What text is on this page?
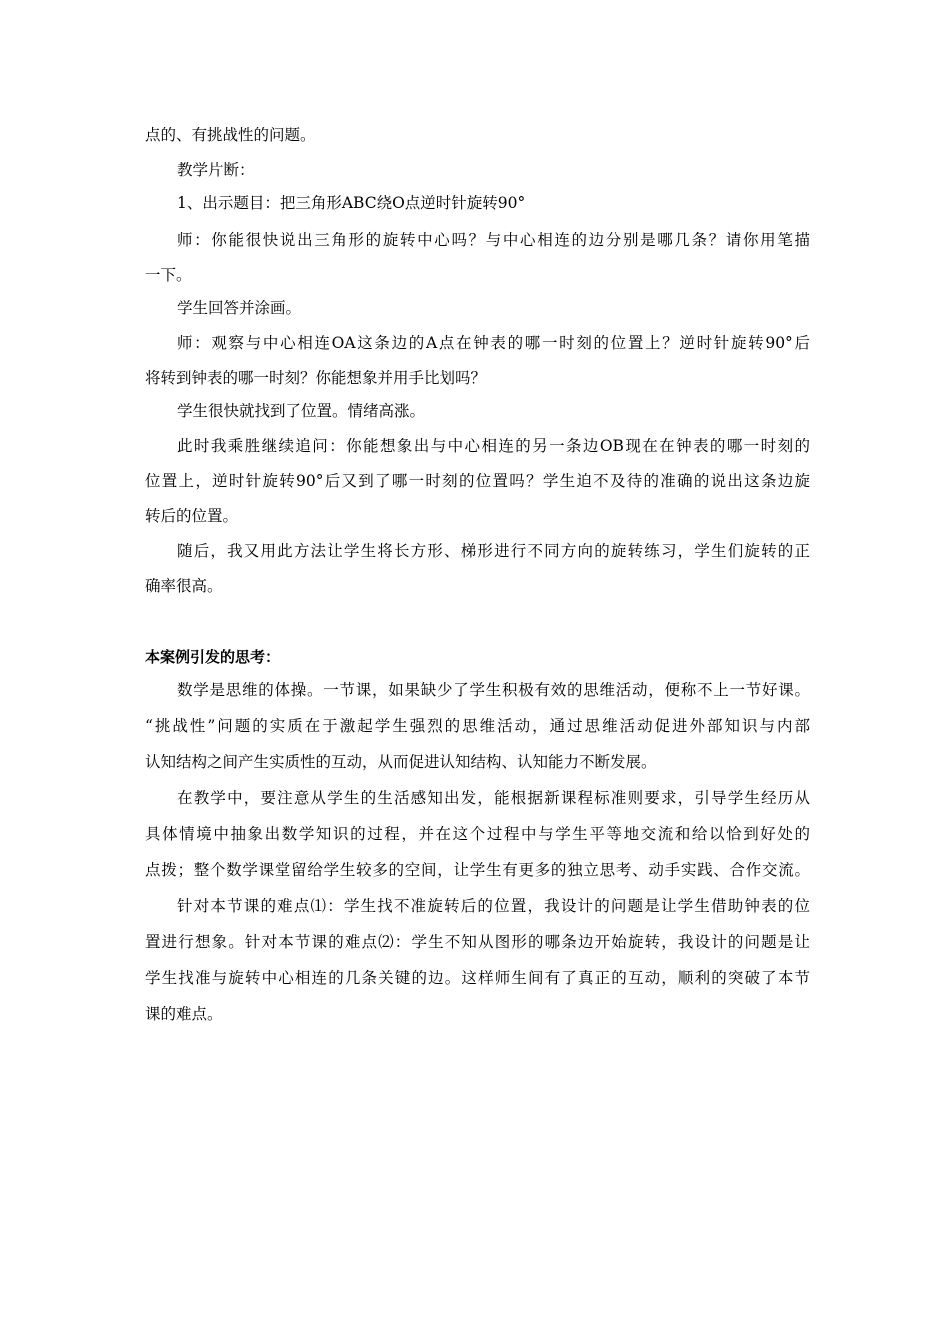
点的、有挑战性的问题。
教学片断：
1、出示题目：把三角形ABC绕O点逆时针旋转90°
师：你能很快说出三角形的旋转中心吗？与中心相连的边分别是哪几条？请你用笔描
一下。
学生回答并涂画。
师：观察与中心相连OA这条边的A点在钟表的哪一时刻的位置上？逆时针旋转90°后
将转到钟表的哪一时刻？你能想象并用手比划吗？
学生很快就找到了位置。情绪高涨。
此时我乘胜继续追问：你能想象出与中心相连的另一条边OB现在在钟表的哪一时刻的
位置上，逆时针旋转90°后又到了哪一时刻的位置吗？学生迫不及待的准确的说出这条边旋
转后的位置。
随后，我又用此方法让学生将长方形、梯形进行不同方向的旋转练习，学生们旋转的正
确率很高。
本案例引发的思考：
数学是思维的体操。一节课，如果缺少了学生积极有效的思维活动，便称不上一节好课。
“挑战性”问题的实质在于激起学生强烈的思维活动，通过思维活动促进外部知识与内部
认知结构之间产生实质性的互动，从而促进认知结构、认知能力不断发展。
在教学中，要注意从学生的生活感知出发，能根据新课程标准则要求，引导学生经历从
具体情境中抽象出数学知识的过程，并在这个过程中与学生平等地交流和给以恰到好处的
点拨；整个数学课堂留给学生较多的空间，让学生有更多的独立思考、动手实践、合作交流。
针对本节课的难点⑴：学生找不准旋转后的位置，我设计的问题是让学生借助钟表的位
置进行想象。针对本节课的难点⑵：学生不知从图形的哪条边开始旋转，我设计的问题是让
学生找准与旋转中心相连的几条关键的边。这样师生间有了真正的互动，顺利的突破了本节
课的难点。
